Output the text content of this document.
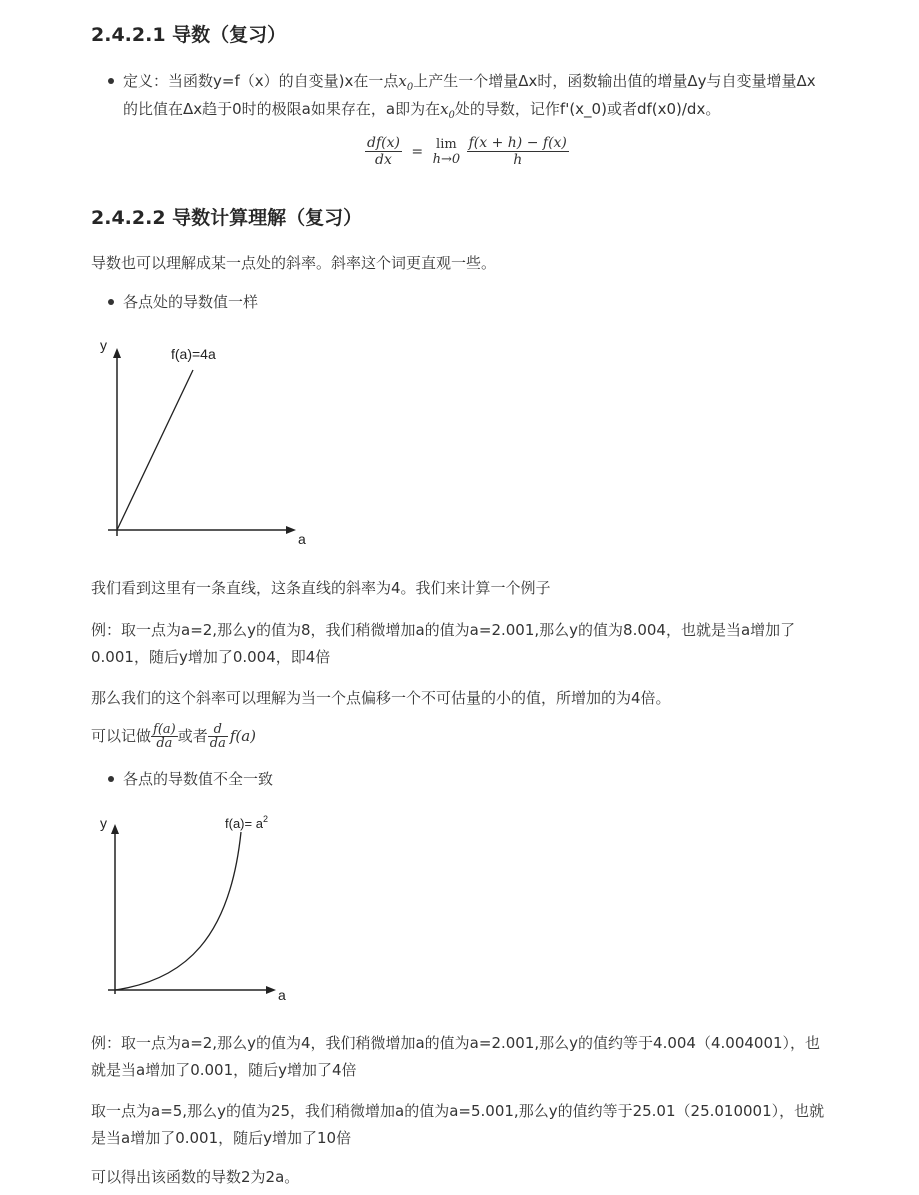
2.4.2.1 导数（复习）
定义：当函数y=f（x）的自变量)x在一点$x_0$上产生一个增量Δx时，函数输出值的增量Δy与自变量增量Δx
的比值在Δx趋于0时的极限a如果存在，a即为在$x_0$处的导数，记作f'(x_0)或者df(x0)/dx。
$\frac{df(x)}{dx} = \lim$
h→0
$\frac{f(x + h) - f(x)}{h}$
2.4.2.2 导数计算理解（复习）
导数也可以理解成某一点处的斜率。斜率这个词更直观一些。
各点处的导数值一样
y
a
f(a)=4a
我们看到这里有一条直线，这条直线的斜率为4。我们来计算一个例子
例：取一点为a=2,那么y的值为8，我们稍微增加a的值为a=2.001,那么y的值为8.004，也就是当a增加了
0.001，随后y增加了0.004，即4倍
那么我们的这个斜率可以理解为当一个点偏移一个不可估量的小的值，所增加的为4倍。
可以记做 $\frac{f(a)}{da}$ 或者 $\frac{d}{da} f(a)$
各点的导数值不全一致
y
a
$f(a)= a^2$
例：取一点为a=2,那么y的值为4，我们稍微增加a的值为a=2.001,那么y的值约等于4.004（4.004001），也
就是当a增加了0.001，随后y增加了4倍
取一点为a=5,那么y的值为25，我们稍微增加a的值为a=5.001,那么y的值约等于25.01（25.010001），也就
是当a增加了0.001，随后y增加了10倍
可以得出该函数的导数2为2a。
